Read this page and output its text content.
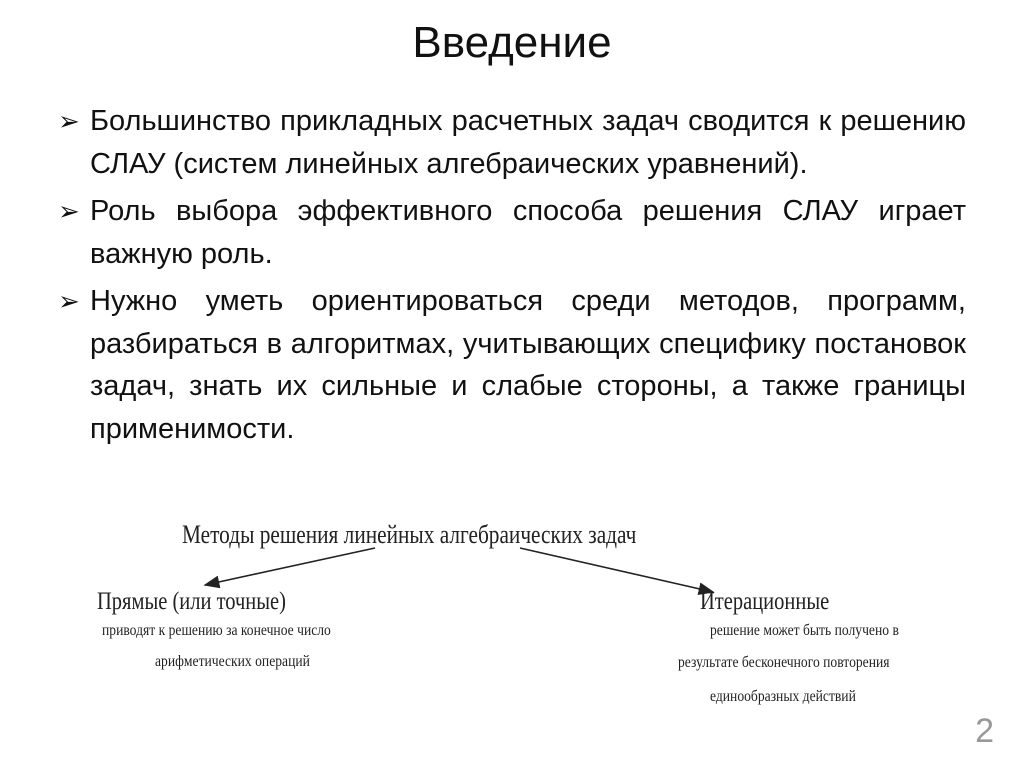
Введение
➢ Большинство прикладных расчетных задач сводится к решению СЛАУ (систем линейных алгебраических уравнений).
➢ Роль выбора эффективного способа решения СЛАУ играет важную роль.
➢ Нужно уметь ориентироваться среди методов, программ, разбираться в алгоритмах, учитывающих специфику постановок задач, знать их сильные и слабые стороны, а также границы применимости.
Методы решения линейных алгебраических задач
Прямые (или точные)
приводят к решению за конечное число
арифметических операций
Итерационные
решение может быть получено в
результате бесконечного повторения
единообразных действий
2
